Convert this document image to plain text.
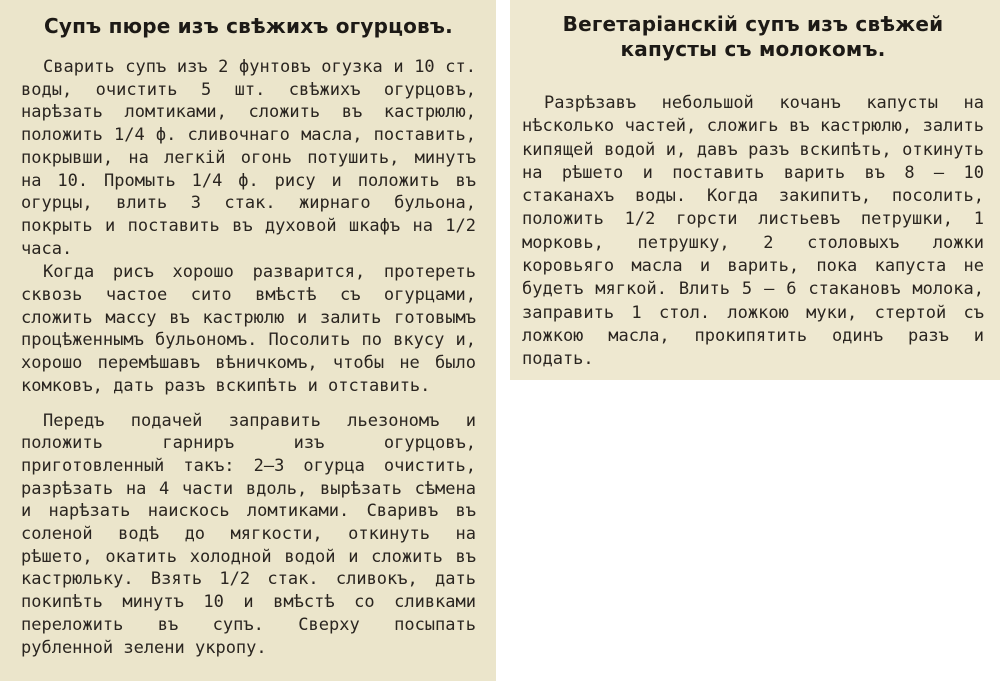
Супъ пюре изъ свѣжихъ огурцовъ.

Сварить супъ изъ 2 фунтовъ огузка и 10 ст. воды, очистить 5 шт. свѣжихъ огурцовъ, нарѣзать ломтиками, сложить въ кастрюлю, положить 1/4 ф. сливочнаго масла, поставить, покрывши, на легкій огонь потушить, минутъ на 10. Промыть 1/4 ф. рису и положить въ огурцы, влить 3 стак. жирнаго бульона, покрыть и поставить въ духовой шкафъ на 1/2 часа.

Когда рисъ хорошо разварится, протереть сквозь частое сито вмѣстѣ съ огурцами, сложить массу въ кастрюлю и залить готовымъ процѣженнымъ бульономъ. Посолить по вкусу и, хорошо перемѣшавъ вѣничкомъ, чтобы не было комковъ, дать разъ вскипѣть и отставить.

Передъ подачей заправить льезономъ и положить гарниръ изъ огурцовъ, приготовленный такъ: 2—3 огурца очистить, разрѣзать на 4 части вдоль, вырѣзать сѣмена и нарѣзать наискось ломтиками. Сваривъ въ соленой водѣ до мягкости, откинуть на рѣшето, окатить холодной водой и сложить въ кастрюльку. Взять 1/2 стак. сливокъ, дать покипѣть минутъ 10 и вмѣстѣ со сливками переложить въ супъ. Сверху посыпать рубленной зелени укропу.

Вегетаріанскій супъ изъ свѣжей капусты съ молокомъ.

Разрѣзавъ небольшой кочанъ капусты на нѣсколько частей, сложигь въ кастрюлю, залить кипящей водой и, давъ разъ вскипѣть, откинуть на рѣшето и поставить варить въ 8 — 10 стаканахъ воды. Когда закипитъ, посолить, положить 1/2 горсти листьевъ петрушки, 1 морковь, петрушку, 2 столовыхъ ложки коровьяго масла и варить, пока капуста не будетъ мягкой. Влить 5 — 6 стакановъ молока, заправить 1 стол. ложкою муки, стертой съ ложкою масла, прокипятить одинъ разъ и подать.
